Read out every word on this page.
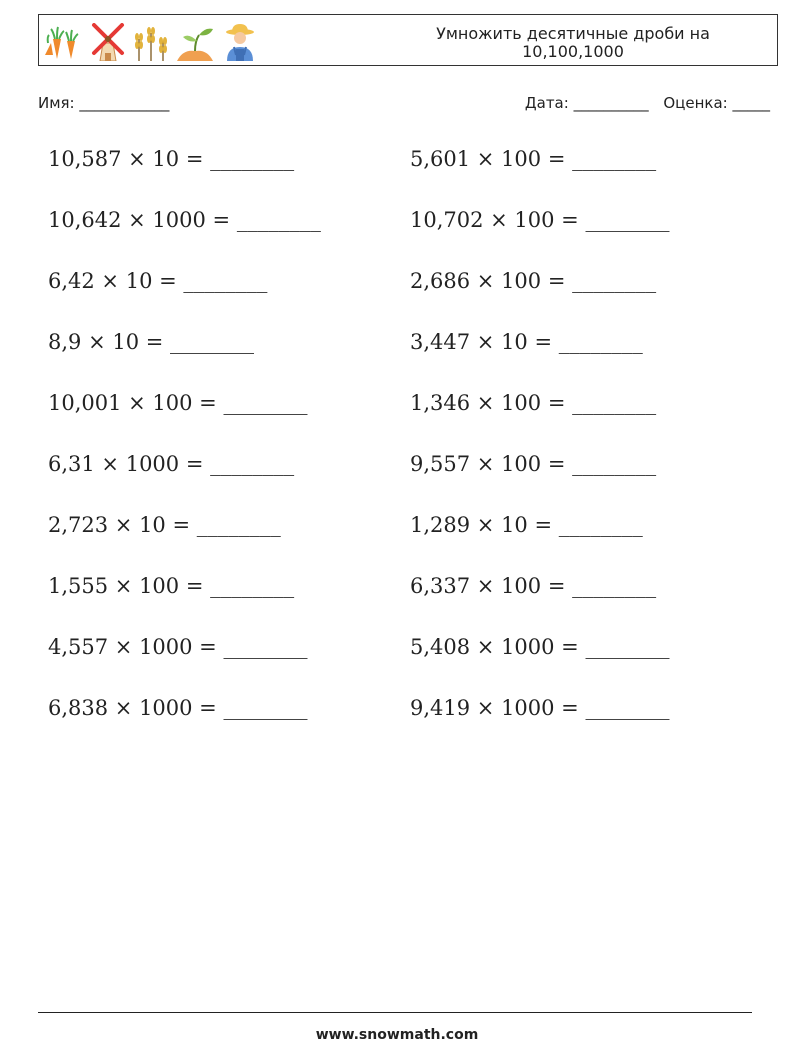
Умножить десятичные дроби на 10,100,1000
Имя: ____________	Дата: __________ Оценка: _____
10,587 × 10 = ________
10,642 × 1000 = ________
6,42 × 10 = ________
8,9 × 10 = ________
10,001 × 100 = ________
6,31 × 1000 = ________
2,723 × 10 = ________
1,555 × 100 = ________
4,557 × 1000 = ________
6,838 × 1000 = ________
5,601 × 100 = ________
10,702 × 100 = ________
2,686 × 100 = ________
3,447 × 10 = ________
1,346 × 100 = ________
9,557 × 100 = ________
1,289 × 10 = ________
6,337 × 100 = ________
5,408 × 1000 = ________
9,419 × 1000 = ________
www.snowmath.com
